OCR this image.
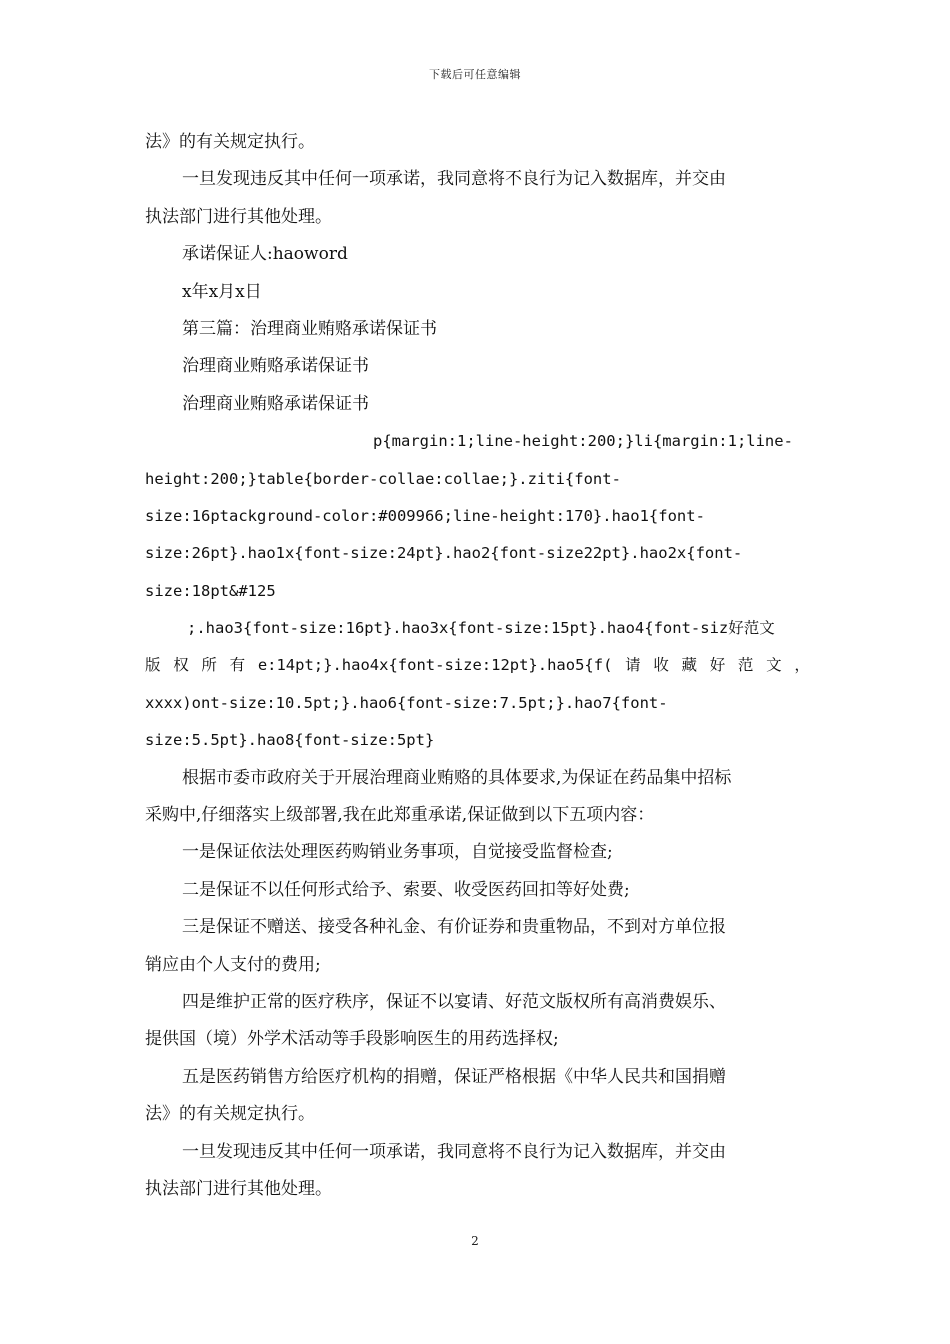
下载后可任意编辑
法》的有关规定执行。
一旦发现违反其中任何一项承诺，我同意将不良行为记入数据库，并交由
执法部门进行其他处理。
承诺保证人:haoword
x年x月x日
第三篇：治理商业贿赂承诺保证书
治理商业贿赂承诺保证书
治理商业贿赂承诺保证书
p{margin:1;line-height:200;}li{margin:1;line-
height:200;}table{border-collae:collae;}.ziti{font-
size:16ptackground-color:#009966;line-height:170}.hao1{font-
size:26pt}.hao1x{font-size:24pt}.hao2{font-size22pt}.hao2x{font-
size:18pt&#125
;.hao3{font-size:16pt}.hao3x{font-size:15pt}.hao4{font-siz好范文
版 权 所 有 e:14pt;}.hao4x{font-size:12pt}.hao5{f( 请 收 藏 好 范 文 ，
xxxx)ont-size:10.5pt;}.hao6{font-size:7.5pt;}.hao7{font-
size:5.5pt}.hao8{font-size:5pt}
根据市委市政府关于开展治理商业贿赂的具体要求,为保证在药品集中招标
采购中,仔细落实上级部署,我在此郑重承诺,保证做到以下五项内容：
一是保证依法处理医药购销业务事项，自觉接受监督检查;
二是保证不以任何形式给予、索要、收受医药回扣等好处费;
三是保证不赠送、接受各种礼金、有价证券和贵重物品，不到对方单位报
销应由个人支付的费用;
四是维护正常的医疗秩序，保证不以宴请、好范文版权所有高消费娱乐、
提供国（境）外学术活动等手段影响医生的用药选择权;
五是医药销售方给医疗机构的捐赠，保证严格根据《中华人民共和国捐赠
法》的有关规定执行。
一旦发现违反其中任何一项承诺，我同意将不良行为记入数据库，并交由
执法部门进行其他处理。
2
